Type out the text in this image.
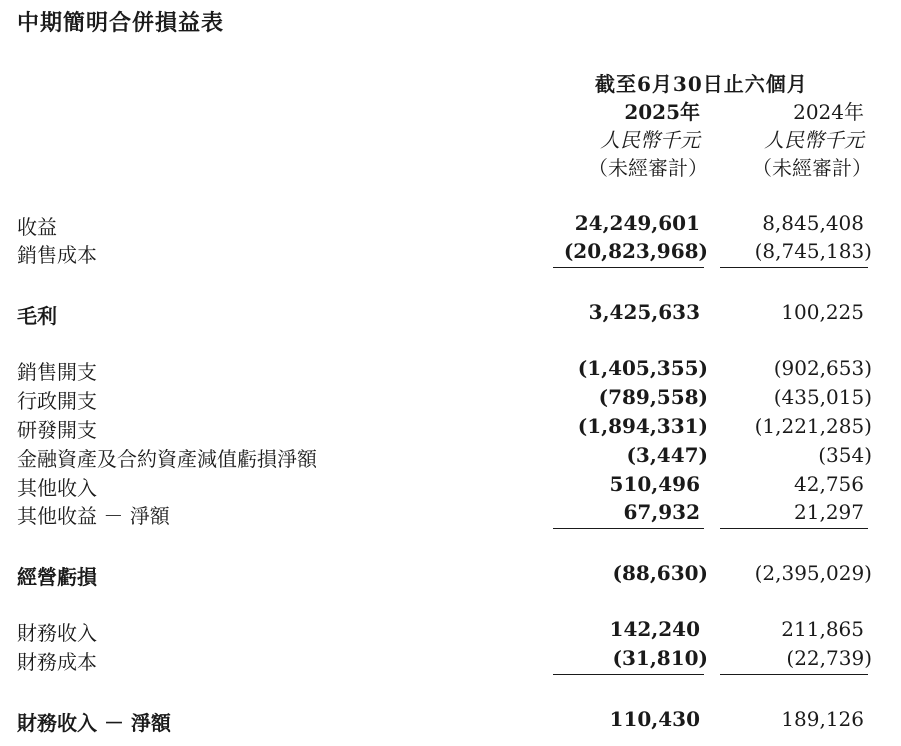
中期簡明合併損益表
截至6月30日止六個月
2025年	2024年
人民幣千元	人民幣千元
（未經審計） （未經審計）
收益	24,249,601	8,845,408
銷售成本	(20,823,968) (8,745,183)
毛利	3,425,633	100,225
銷售開支	(1,405,355)	(902,653)
行政開支	(789,558)	(435,015)
研發開支	(1,894,331) (1,221,285)
金融資產及合約資產減值虧損淨額	(3,447)	(354)
其他收入	510,496	42,756
其他收益 － 淨額	67,932	21,297
經營虧損	(88,630) (2,395,029)
財務收入	142,240	211,865
財務成本	(31,810)	(22,739)
財務收入 － 淨額	110,430	189,126
